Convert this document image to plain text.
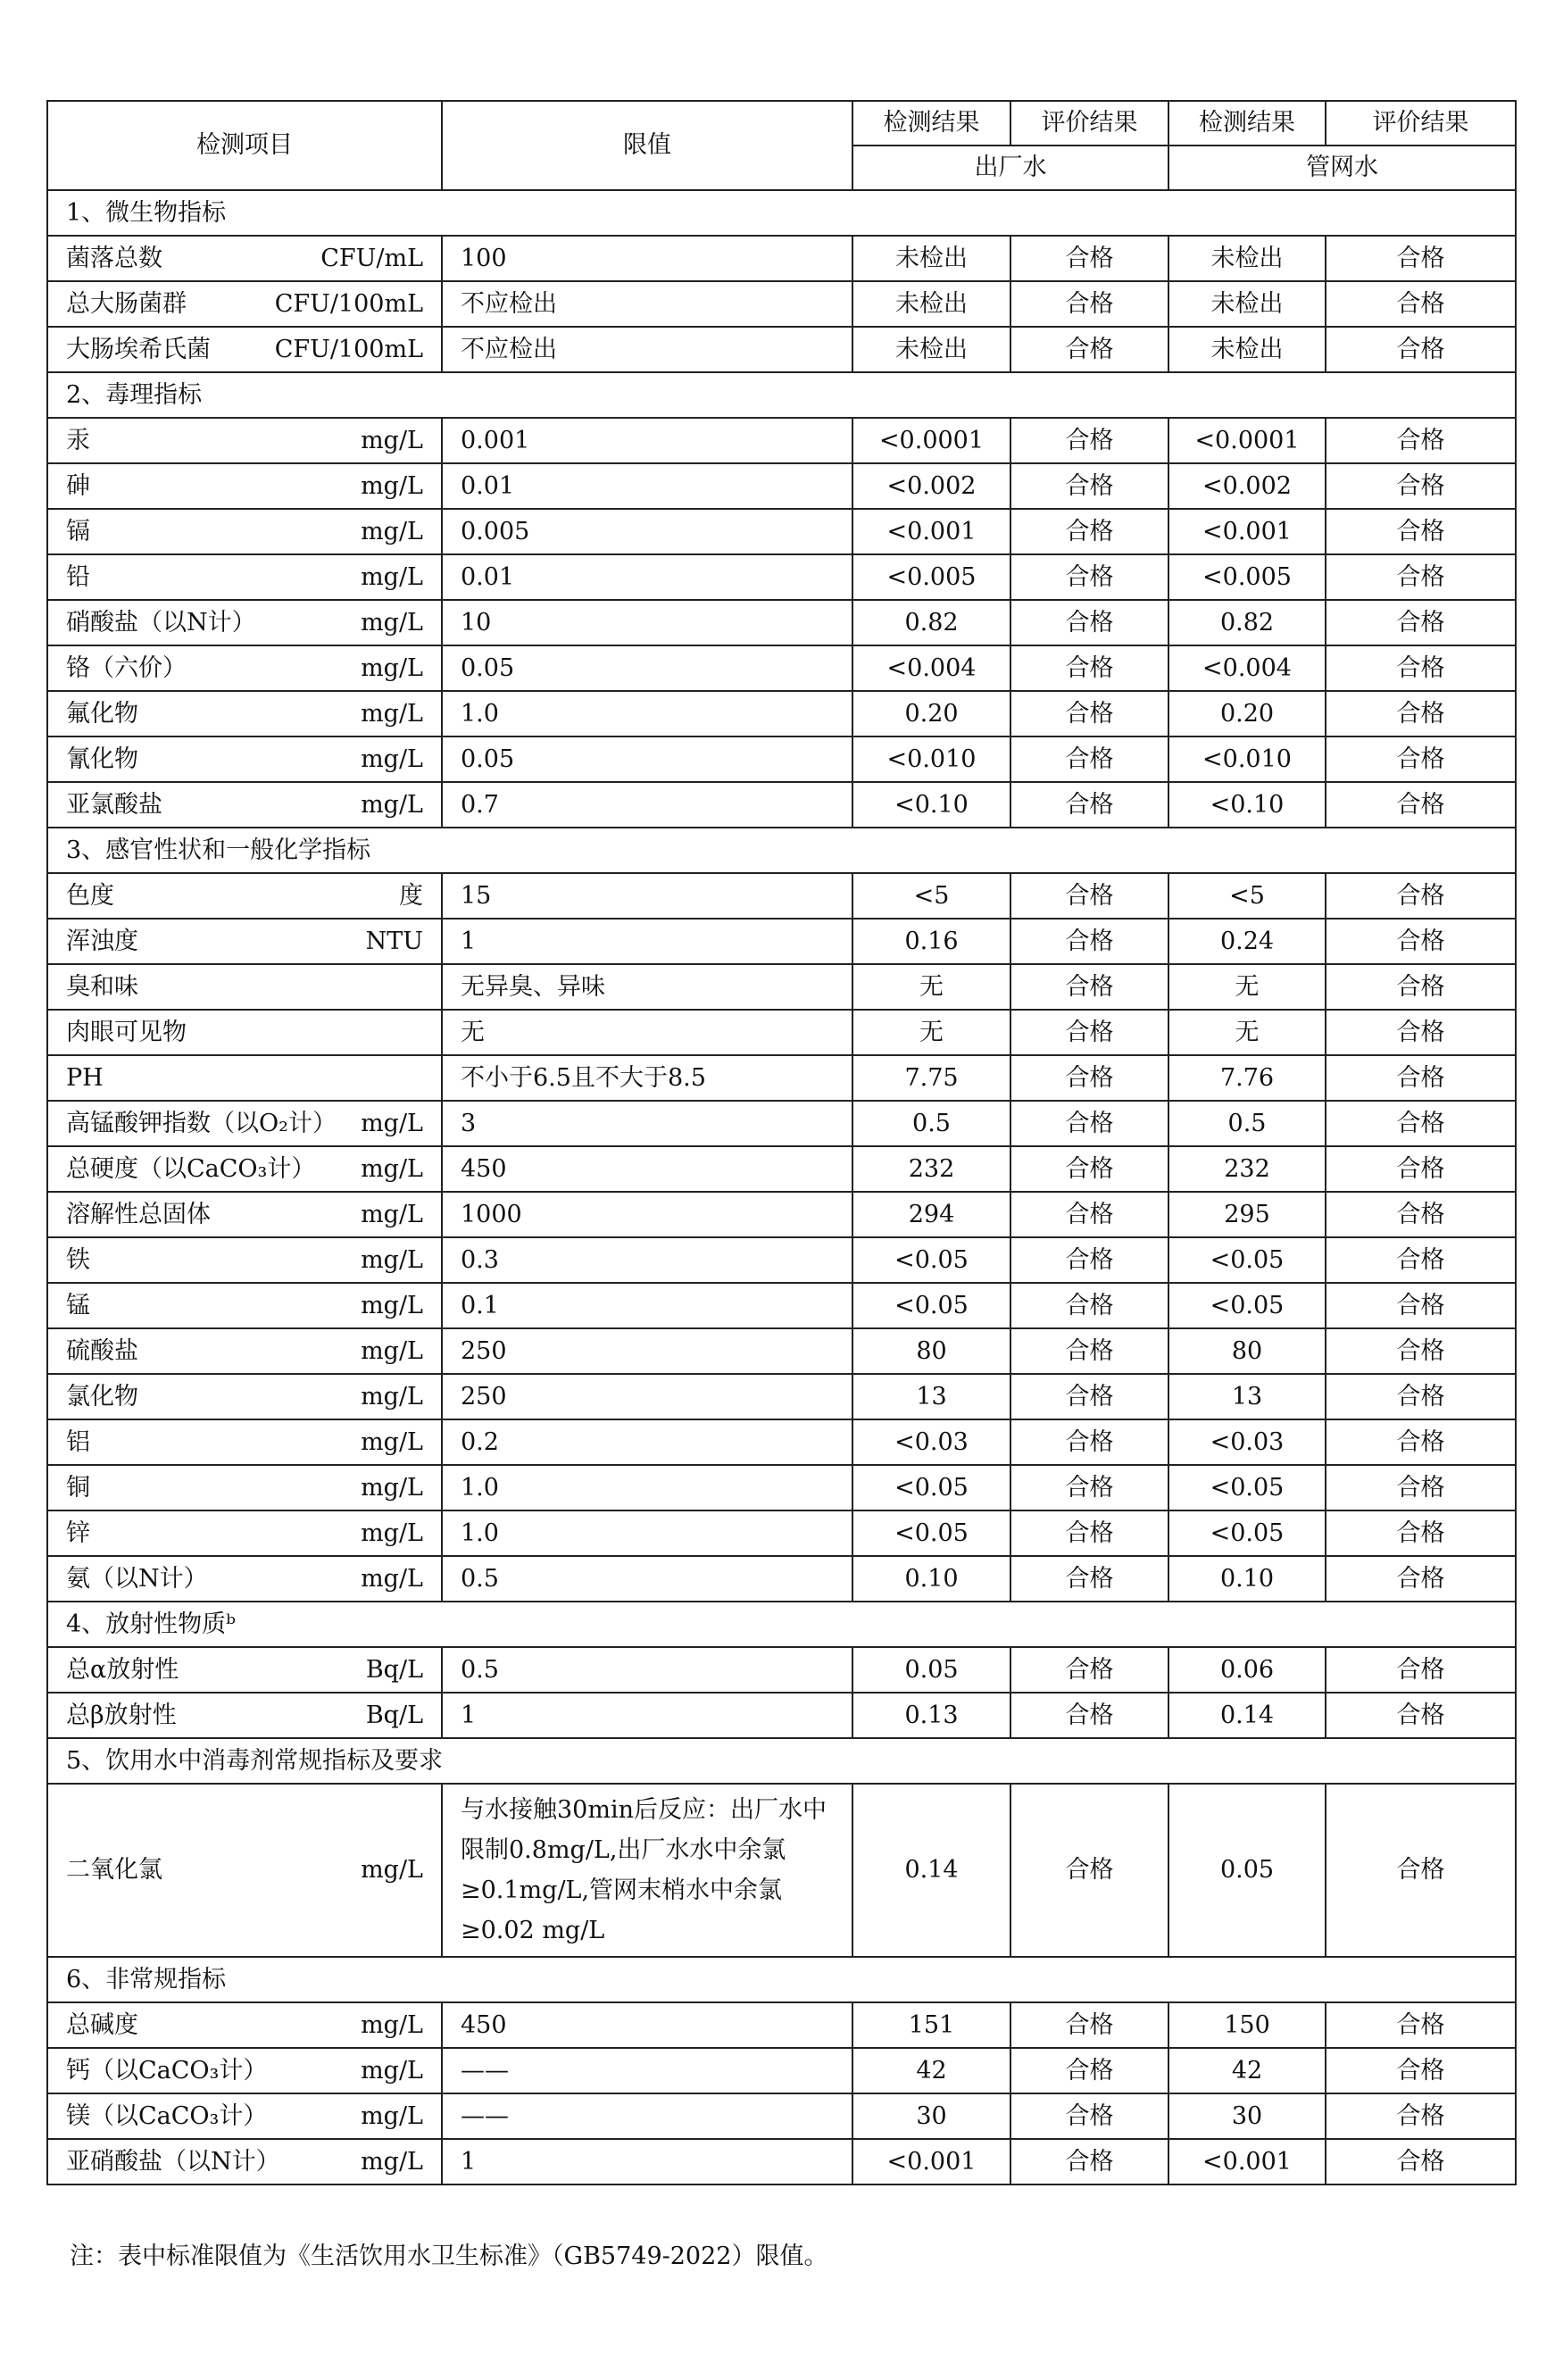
检测项目	限值	检测结果	评价结果	检测结果	评价结果
		出厂水		管网水	
1、微生物指标					

菌落总数 CFU/mL	100	未检出	合格	未检出	合格

总大肠菌群 CFU/100mL	不应检出	未检出	合格	未检出	合格

大肠埃希氏菌 CFU/100mL	不应检出	未检出	合格	未检出	合格
2、毒理指标					

汞 mg/L	0.001	<0.0001	合格	<0.0001	合格

砷 mg/L	0.01	<0.002	合格	<0.002	合格

镉 mg/L	0.005	<0.001	合格	<0.001	合格

铅 mg/L	0.01	<0.005	合格	<0.005	合格

硝酸盐（以N计） mg/L	10	0.82	合格	0.82	合格

铬（六价） mg/L	0.05	<0.004	合格	<0.004	合格

氟化物 mg/L	1.0	0.20	合格	0.20	合格

氰化物 mg/L	0.05	<0.010	合格	<0.010	合格

亚氯酸盐 mg/L	0.7	<0.10	合格	<0.10	合格
3、感官性状和一般化学指标					

色度 度	15	<5	合格	<5	合格

浑浊度 NTU	1	0.16	合格	0.24	合格

臭和味	无异臭、异味	无	合格	无	合格

肉眼可见物	无	无	合格	无	合格

PH	不小于6.5且不大于8.5	7.75	合格	7.76	合格

高锰酸钾指数（以O₂计） mg/L	3	0.5	合格	0.5	合格

总硬度（以CaCO₃计） mg/L	450	232	合格	232	合格

溶解性总固体 mg/L	1000	294	合格	295	合格

铁 mg/L	0.3	<0.05	合格	<0.05	合格

锰 mg/L	0.1	<0.05	合格	<0.05	合格

硫酸盐 mg/L	250	80	合格	80	合格

氯化物 mg/L	250	13	合格	13	合格

铝 mg/L	0.2	<0.03	合格	<0.03	合格

铜 mg/L	1.0	<0.05	合格	<0.05	合格

锌 mg/L	1.0	<0.05	合格	<0.05	合格

氨（以N计） mg/L	0.5	0.10	合格	0.10	合格
4、放射性物质ᵇ					

总α放射性 Bq/L	0.5	0.05	合格	0.06	合格

总β放射性 Bq/L	1	0.13	合格	0.14	合格
5、饮用水中消毒剂常规指标及要求					

二氧化氯 mg/L	与水接触30min后反应：出厂水中限制0.8mg/L,出厂水水中余氯≥0.1mg/L,管网末梢水中余氯≥0.02 mg/L	0.14	合格	0.05	合格
6、非常规指标					

总碱度 mg/L	450	151	合格	150	合格

钙（以CaCO₃计） mg/L	——	42	合格	42	合格

镁（以CaCO₃计） mg/L	——	30	合格	30	合格

亚硝酸盐（以N计） mg/L	1	<0.001	合格	<0.001	合格
注：表中标准限值为《生活饮用水卫生标准》（GB5749-2022）限值。
